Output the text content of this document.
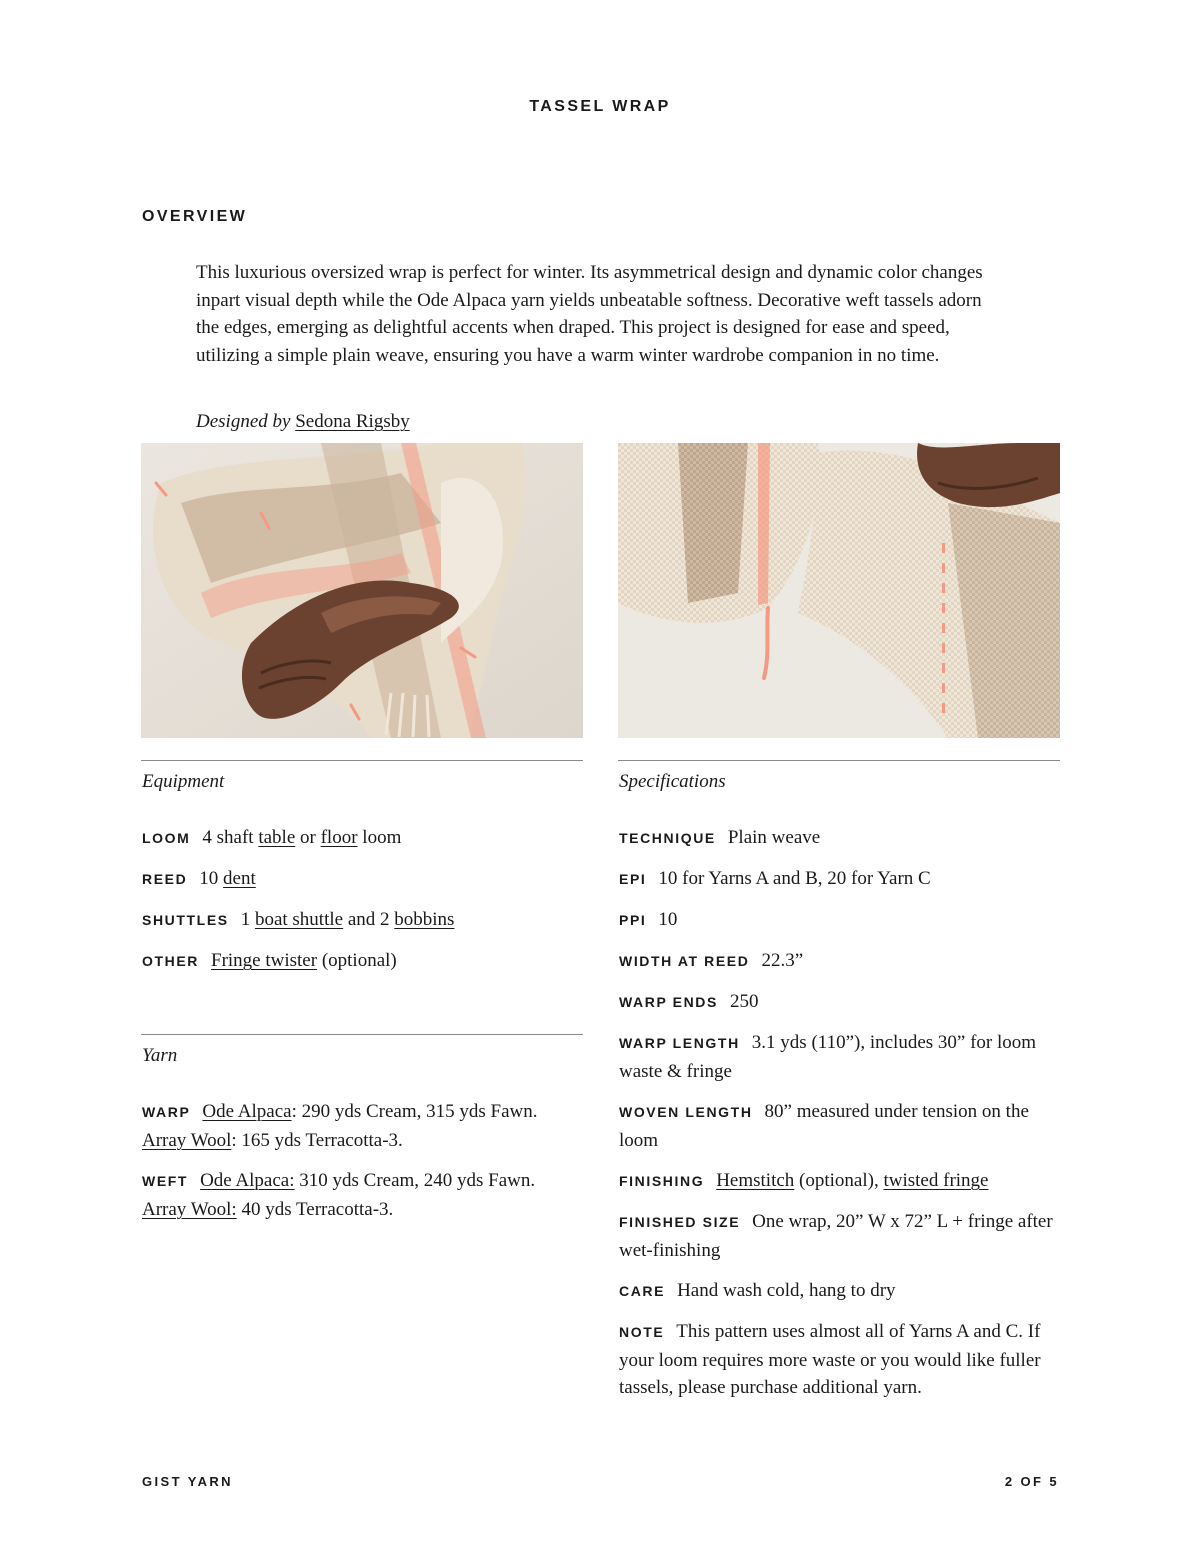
TASSEL WRAP
OVERVIEW
This luxurious oversized wrap is perfect for winter. Its asymmetrical design and dynamic color changes inpart visual depth while the Ode Alpaca yarn yields unbeatable softness. Decorative weft tassels adorn the edges, emerging as delightful accents when draped. This project is designed for ease and speed, utilizing a simple plain weave, ensuring you have a warm winter wardrobe companion in no time.
Designed by Sedona Rigsby
Equipment
LOOM 4 shaft table or floor loom
REED 10 dent
SHUTTLES 1 boat shuttle and 2 bobbins
OTHER Fringe twister (optional)
Yarn
WARP Ode Alpaca: 290 yds Cream, 315 yds Fawn.
Array Wool: 165 yds Terracotta-3.
WEFT Ode Alpaca: 310 yds Cream, 240 yds Fawn.
Array Wool: 40 yds Terracotta-3.
Specifications
TECHNIQUE Plain weave
EPI 10 for Yarns A and B, 20 for Yarn C
PPI 10
WIDTH AT REED 22.3”
WARP ENDS 250
WARP LENGTH 3.1 yds (110”), includes 30” for loom waste & fringe
WOVEN LENGTH 80” measured under tension on the loom
FINISHING Hemstitch (optional), twisted fringe
FINISHED SIZE One wrap, 20” W x 72” L + fringe after wet-finishing
CARE Hand wash cold, hang to dry
NOTE This pattern uses almost all of Yarns A and C. If your loom requires more waste or you would like fuller tassels, please purchase additional yarn.
GIST YARN	2 OF 5
